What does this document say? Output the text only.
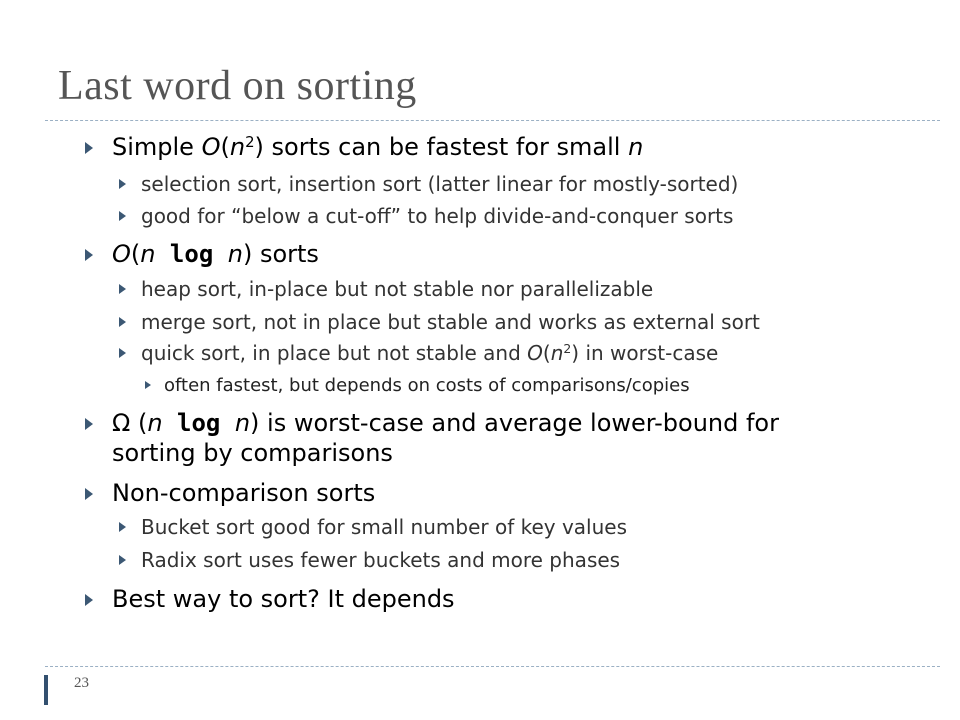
Last word on sorting
Simple $O(n^2)$ sorts can be fastest for small n
selection sort, insertion sort (latter linear for mostly-sorted)
good for “below a cut-off” to help divide-and-conquer sorts
O(n log n) sorts
heap sort, in-place but not stable nor parallelizable
merge sort, not in place but stable and works as external sort
quick sort, in place but not stable and $O(n^2)$ in worst-case
often fastest, but depends on costs of comparisons/copies
Ω (n log n) is worst-case and average lower-bound for
sorting by comparisons
Non-comparison sorts
Bucket sort good for small number of key values
Radix sort uses fewer buckets and more phases
Best way to sort? It depends
23
